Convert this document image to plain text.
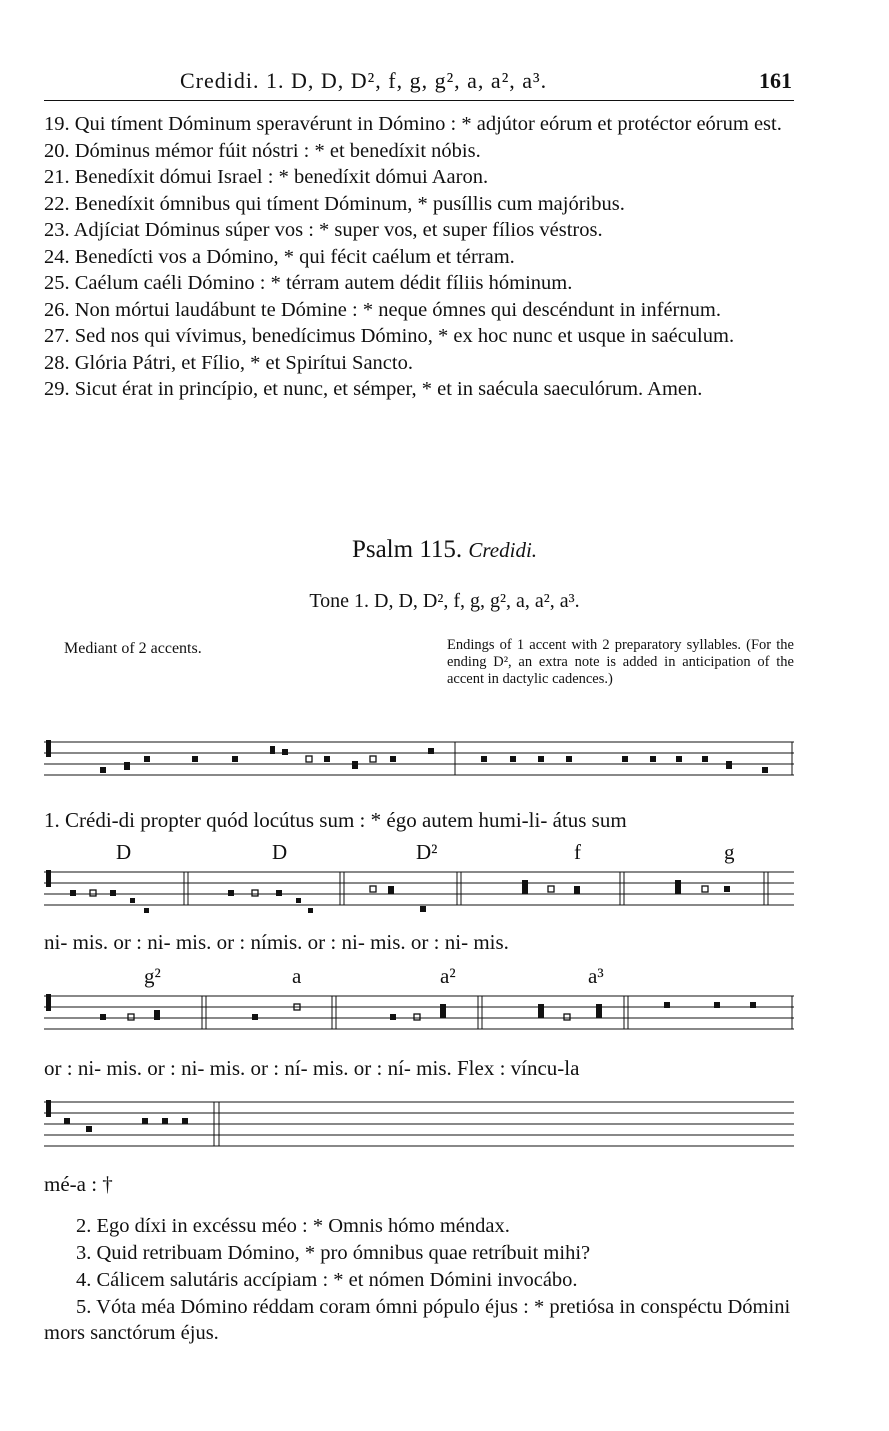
Credidi. 1. D, D, D², f, g, g², a, a², a³.	161

19. Qui tíment Dóminum speravérunt in Dómino : * adjútor eórum et protéctor eórum est.

20. Dóminus mémor fúit nóstri : * et benedíxit nóbis.

21. Benedíxit dómui Israel : * benedíxit dómui Aaron.

22. Benedíxit ómnibus qui tíment Dóminum, * pusíllis cum majóribus.

23. Adjíciat Dóminus súper vos : * super vos, et super fílios véstros.

24. Benedícti vos a Dómino, * qui fécit caélum et térram.

25. Caélum caéli Dómino : * térram autem dédit fíliis hóminum.

26. Non mórtui laudábunt te Dómine : * neque ómnes qui descéndunt in inférnum.

27. Sed nos qui vívimus, benedícimus Dómino, * ex hoc nunc et usque in saéculum.

28. Glória Pátri, et Fílio, * et Spirítui Sancto.

29. Sicut érat in princípio, et nunc, et sémper, * et in saécula saeculórum. Amen.

Psalm 115. Credidi.
Tone 1. D, D, D², f, g, g², a, a², a³.
Mediant of 2 accents.	Endings of 1 accent with 2 preparatory syllables. (For the ending D², an extra note is added in anticipation of the accent in dactylic cadences.)
1. Crédi-di propter quód locútus sum : * égo autem humi-li- átus sum
D	D	D²	f	g
ni- mis. or : ni- mis. or : nímis. or : ni- mis. or : ni- mis.
g²	a	a²	a³
or : ni- mis. or : ni- mis. or : ní- mis. or : ní- mis. Flex : víncu-la
mé-a : †

2. Ego díxi in excéssu méo : * Omnis hómo méndax.

3. Quid retribuam Dómino, * pro ómnibus quae retríbuit mihi?

4. Cálicem salutáris accípiam : * et nómen Dómini invocábo.

5. Vóta méa Dómino réddam coram ómni pópulo éjus : * pretiósa in conspéctu Dómini mors sanctórum éjus.
